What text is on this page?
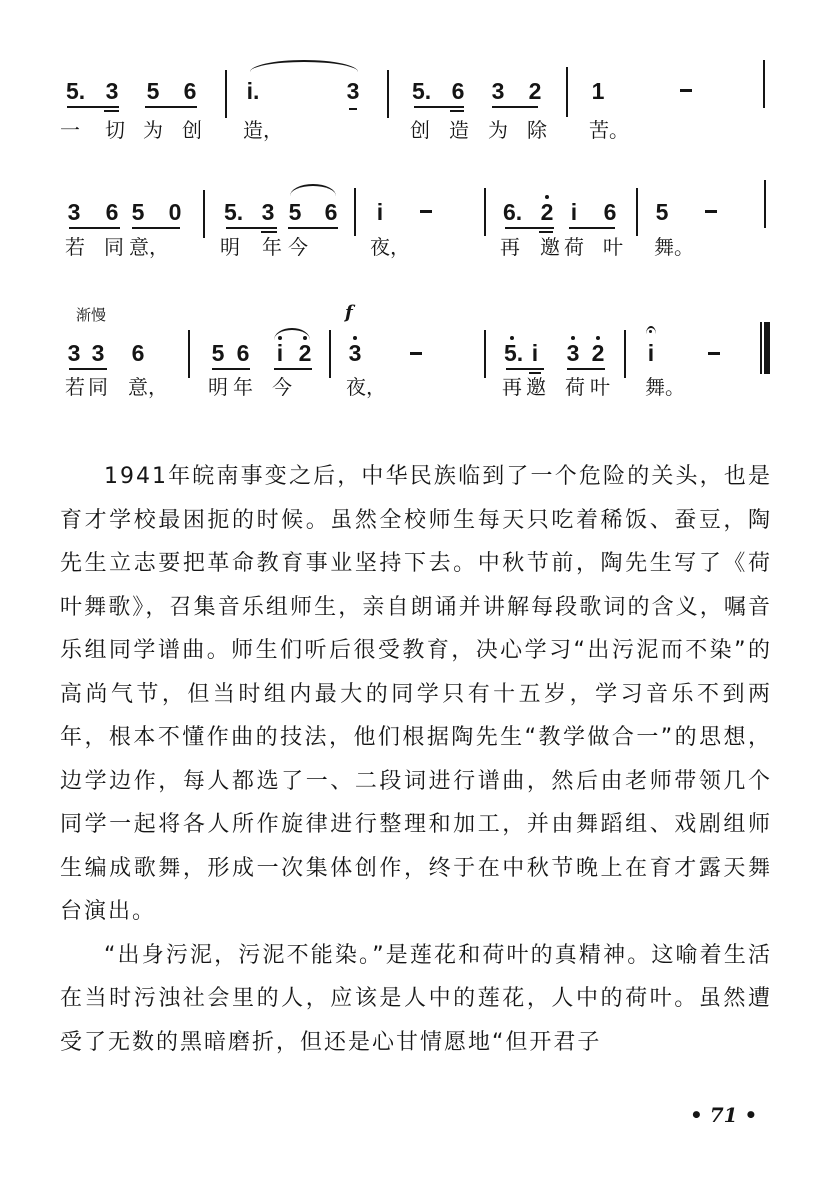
5. 3 5 6 i.	3 5. 6 3 2 1
一 切 为 创 造，	创 造 为 除 苦。
3 6 5 0 5. 3 5 6 i	6. 2 i 6 5
若 同 意，	明 年 今	夜，	再 邀 荷 叶 舞。
渐慢	f
3 3 6	5 6 i 2 3	5. i 3 2 i
若 同 意， 明 年 今	夜，	再 邀 荷 叶 舞。

1941年皖南事变之后，中华民族临到了一个危险的关头，也是育才学校最困扼的时候。虽然全校师生每天只吃着稀饭、蚕豆，陶先生立志要把革命教育事业坚持下去。中秋节前，陶先生写了《荷叶舞歌》，召集音乐组师生，亲自朗诵并讲解每段歌词的含义，嘱音乐组同学谱曲。师生们听后很受教育，决心学习“出污泥而不染”的高尚气节，但当时组内最大的同学只有十五岁，学习音乐不到两年，根本不懂作曲的技法，他们根据陶先生“教学做合一”的思想，边学边作，每人都选了一、二段词进行谱曲，然后由老师带领几个同学一起将各人所作旋律进行整理和加工，并由舞蹈组、戏剧组师生编成歌舞，形成一次集体创作，终于在中秋节晚上在育才露天舞台演出。

“出身污泥，污泥不能染。”是莲花和荷叶的真精神。这喻着生活在当时污浊社会里的人，应该是人中的莲花，人中的荷叶。虽然遭受了无数的黑暗磨折，但还是心甘情愿地“但开君子

• 71 •
